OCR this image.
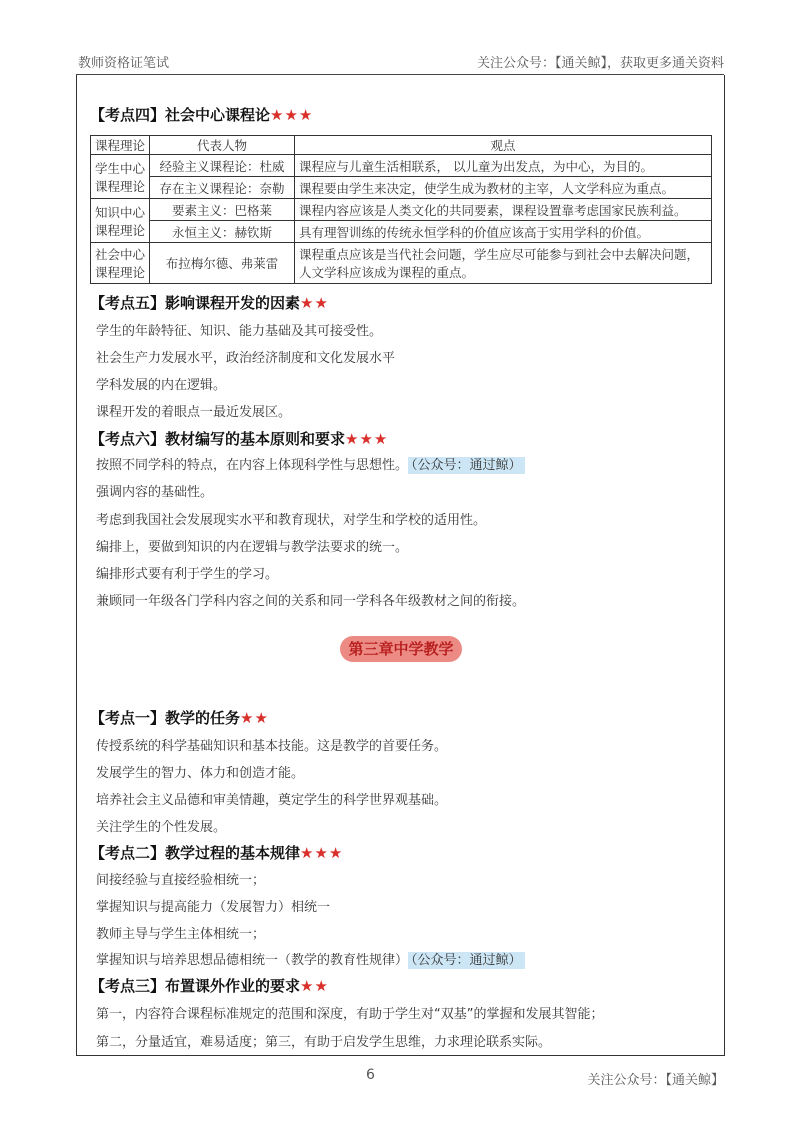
教师资格证笔试	关注公众号：【通关鲸】，获取更多通关资料
【考点四】社会中心课程论★★★
课程理论	代表人物	观点
学生中心课程理论	经验主义课程论：杜威	课程应与儿童生活相联系， 以儿童为出发点，为中心，为目的。
	存在主义课程论：奈勒	课程要由学生来决定，使学生成为教材的主宰，人文学科应为重点。
知识中心课程理论	要素主义：巴格莱	课程内容应该是人类文化的共同要素，课程设置靠考虑国家民族利益。
	永恒主义：赫钦斯	具有理智训练的传统永恒学科的价值应该高于实用学科的价值。
社会中心课程理论	布拉梅尔德、弗莱雷	课程重点应该是当代社会问题，学生应尽可能参与到社会中去解决问题，人文学科应该成为课程的重点。
【考点五】影响课程开发的因素★★
学生的年龄特征、知识、能力基础及其可接受性。
社会生产力发展水平，政治经济制度和文化发展水平
学科发展的内在逻辑。
课程开发的着眼点一最近发展区。
【考点六】教材编写的基本原则和要求★★★
按照不同学科的特点，在内容上体现科学性与思想性。 （公众号：通过鲸）
强调内容的基础性。
考虑到我国社会发展现实水平和教育现状，对学生和学校的适用性。
编排上，要做到知识的内在逻辑与教学法要求的统一。
编排形式要有利于学生的学习。
兼顾同一年级各门学科内容之间的关系和同一学科各年级教材之间的衔接。
第三章中学教学
【考点一】教学的任务★★
传授系统的科学基础知识和基本技能。这是教学的首要任务。
发展学生的智力、体力和创造才能。
培养社会主义品德和审美情趣，奠定学生的科学世界观基础。
关注学生的个性发展。
【考点二】教学过程的基本规律★★★
间接经验与直接经验相统一；
掌握知识与提高能力（发展智力）相统一
教师主导与学生主体相统一；
掌握知识与培养思想品德相统一（教学的教育性规律） （公众号：通过鲸）
【考点三】布置课外作业的要求★★
第一，内容符合课程标准规定的范围和深度，有助于学生对“双基”的掌握和发展其智能；
第二，分量适宜，难易适度；第三，有助于启发学生思维，力求理论联系实际。
6	关注公众号：【通关鲸】
